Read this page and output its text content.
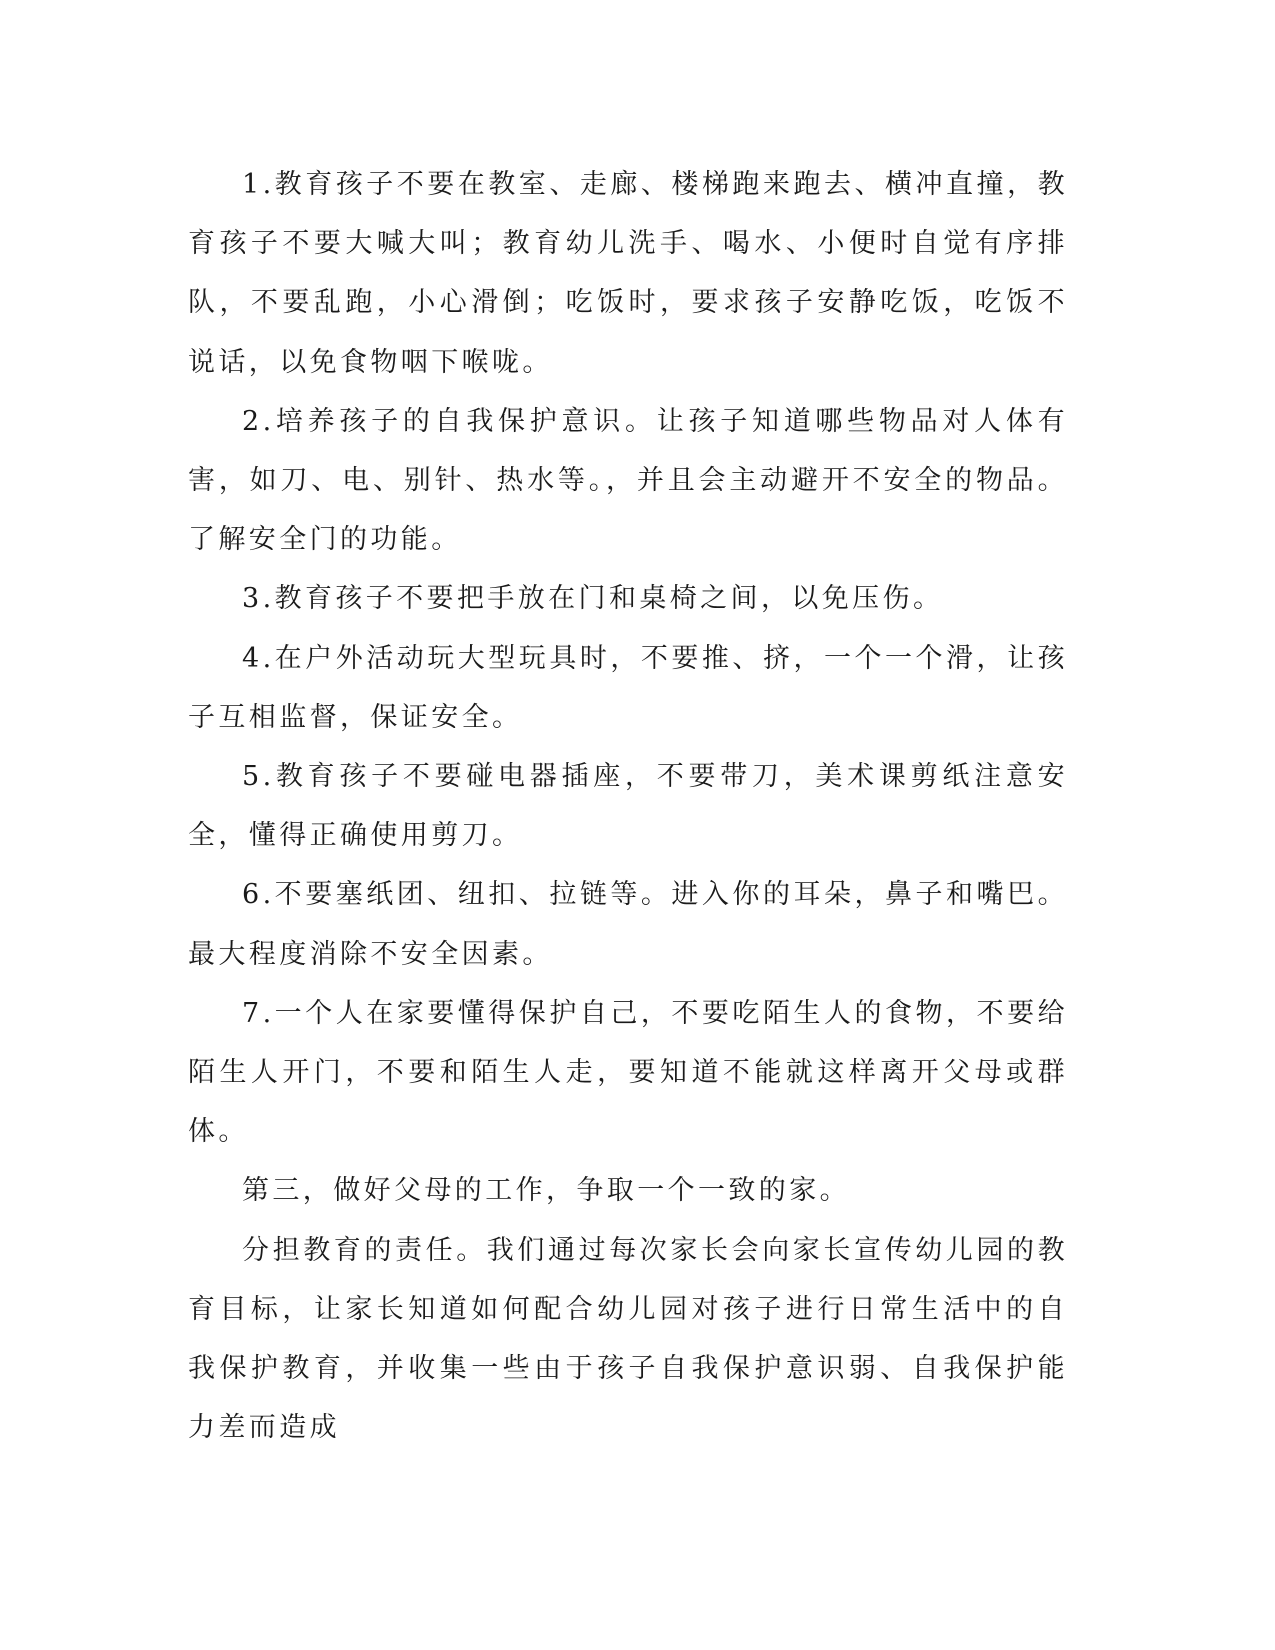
1.教育孩子不要在教室、走廊、楼梯跑来跑去、横冲直撞，教育孩子不要大喊大叫；教育幼儿洗手、喝水、小便时自觉有序排队，不要乱跑，小心滑倒；吃饭时，要求孩子安静吃饭，吃饭不说话，以免食物咽下喉咙。

2.培养孩子的自我保护意识。让孩子知道哪些物品对人体有害，如刀、电、别针、热水等。，并且会主动避开不安全的物品。了解安全门的功能。

3.教育孩子不要把手放在门和桌椅之间，以免压伤。

4.在户外活动玩大型玩具时，不要推、挤，一个一个滑，让孩子互相监督，保证安全。

5.教育孩子不要碰电器插座，不要带刀，美术课剪纸注意安全，懂得正确使用剪刀。

6.不要塞纸团、纽扣、拉链等。进入你的耳朵，鼻子和嘴巴。最大程度消除不安全因素。

7.一个人在家要懂得保护自己，不要吃陌生人的食物，不要给陌生人开门，不要和陌生人走，要知道不能就这样离开父母或群体。

第三，做好父母的工作，争取一个一致的家。

分担教育的责任。我们通过每次家长会向家长宣传幼儿园的教育目标，让家长知道如何配合幼儿园对孩子进行日常生活中的自我保护教育，并收集一些由于孩子自我保护意识弱、自我保护能力差而造成
